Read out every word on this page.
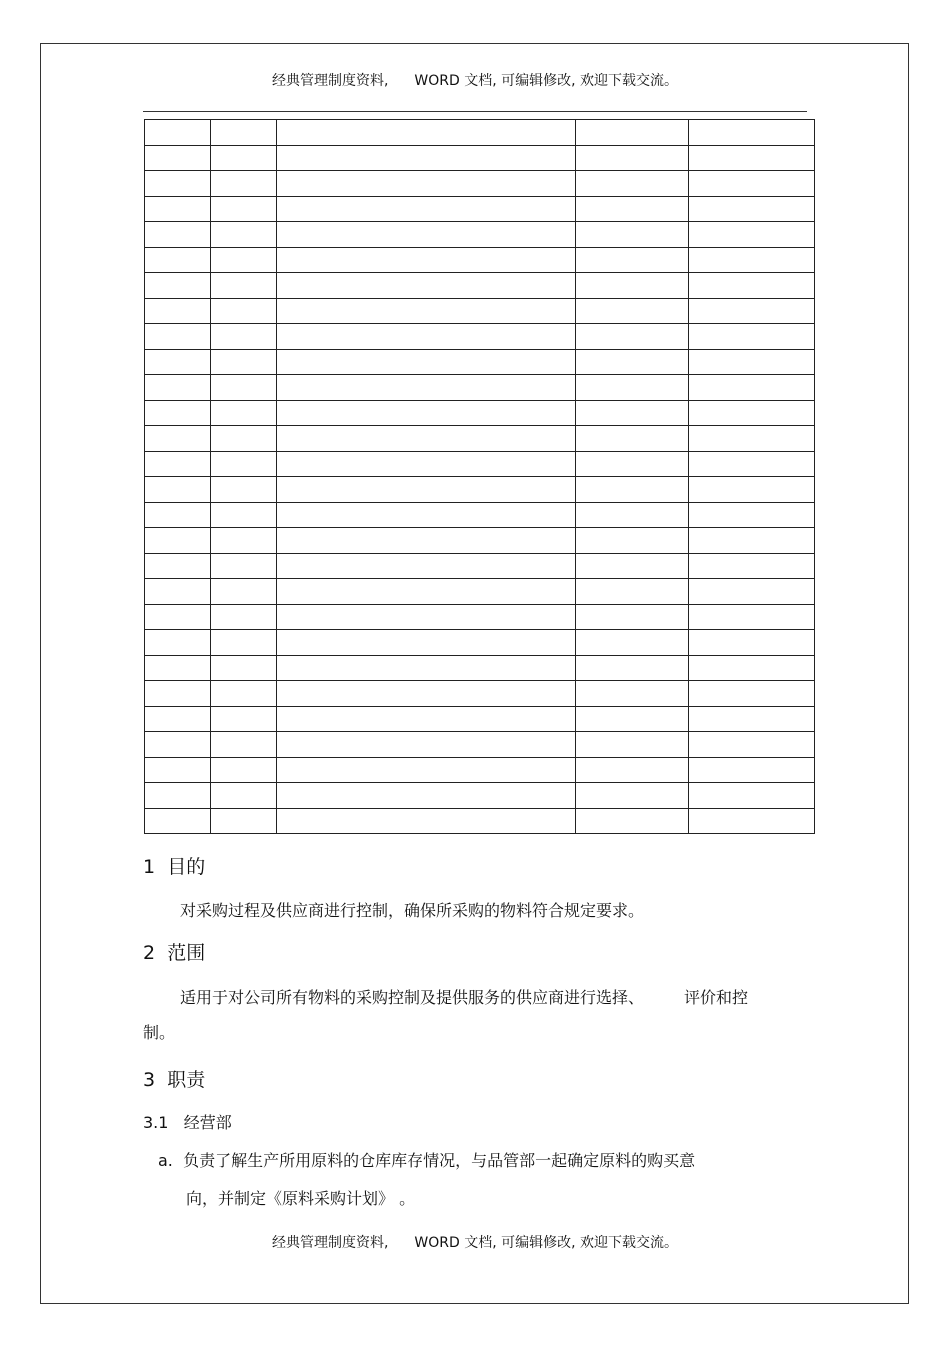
经典管理制度资料, WORD 文档, 可编辑修改, 欢迎下载交流。

1 目的
对采购过程及供应商进行控制，确保所采购的物料符合规定要求。
2 范围
适用于对公司所有物料的采购控制及提供服务的供应商进行选择、	评价和控
制。
3 职责
3.1 经营部
a. 负责了解生产所用原料的仓库库存情况，与品管部一起确定原料的购买意
向，并制定《原料采购计划》 。
经典管理制度资料, WORD 文档, 可编辑修改, 欢迎下载交流。
